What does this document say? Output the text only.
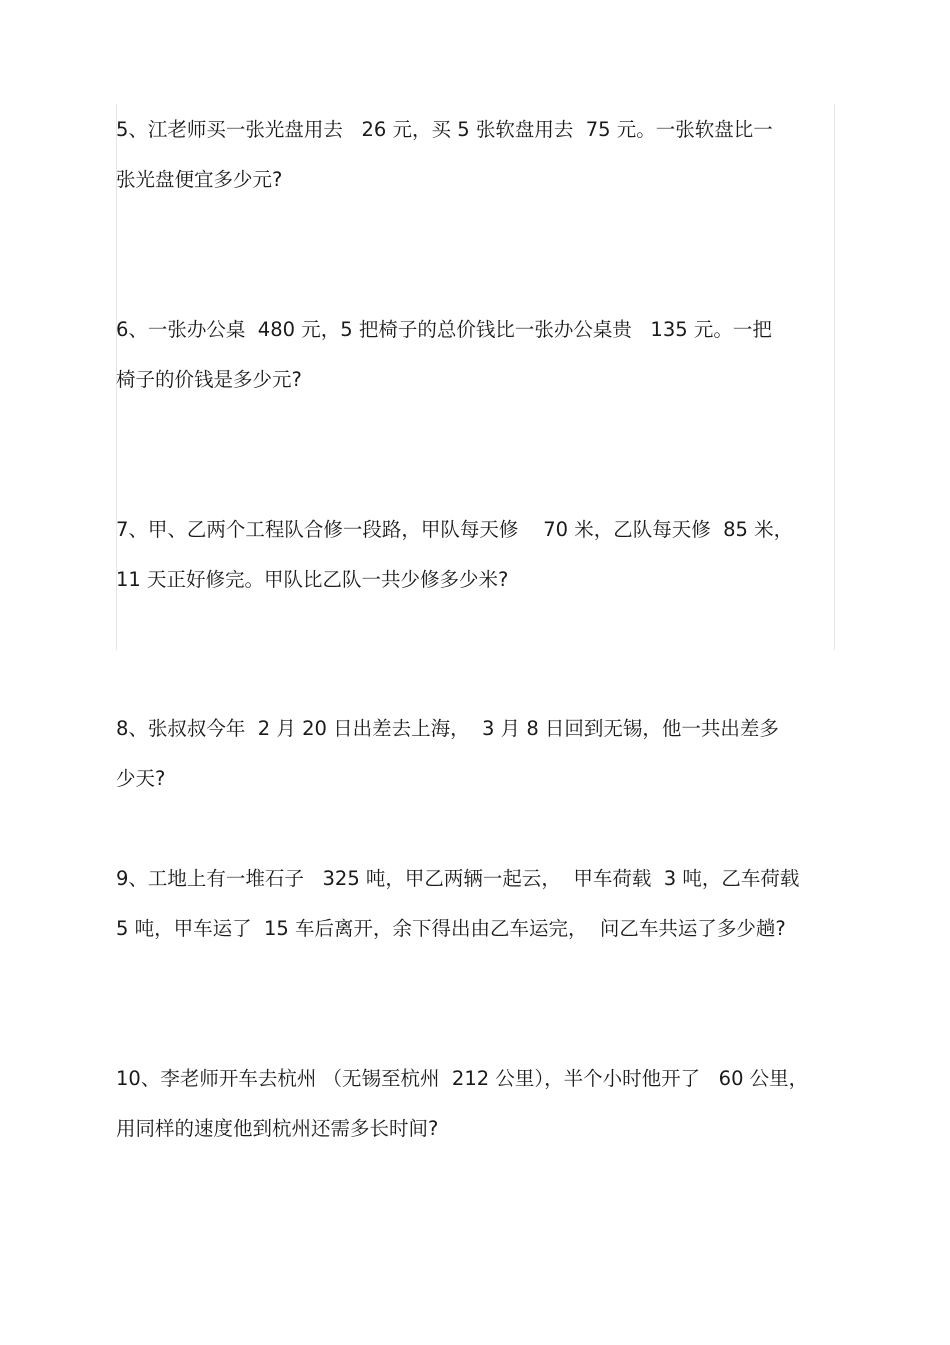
5、江老师买一张光盘用去   26 元，买 5 张软盘用去  75 元。一张软盘比一
张光盘便宜多少元?
6、一张办公桌  480 元，5 把椅子的总价钱比一张办公桌贵   135 元。一把
椅子的价钱是多少元?
7、甲、乙两个工程队合修一段路，甲队每天修    70 米，乙队每天修  85 米，
11 天正好修完。甲队比乙队一共少修多少米?
8、张叔叔今年  2 月 20 日出差去上海，  3 月 8 日回到无锡，他一共出差多
少天?
9、工地上有一堆石子   325 吨，甲乙两辆一起云，  甲车荷载  3 吨，乙车荷载
5 吨，甲车运了  15 车后离开，余下得出由乙车运完，  问乙车共运了多少趟?
10、李老师开车去杭州 （无锡至杭州  212 公里），半个小时他开了   60 公里，
用同样的速度他到杭州还需多长时间?
